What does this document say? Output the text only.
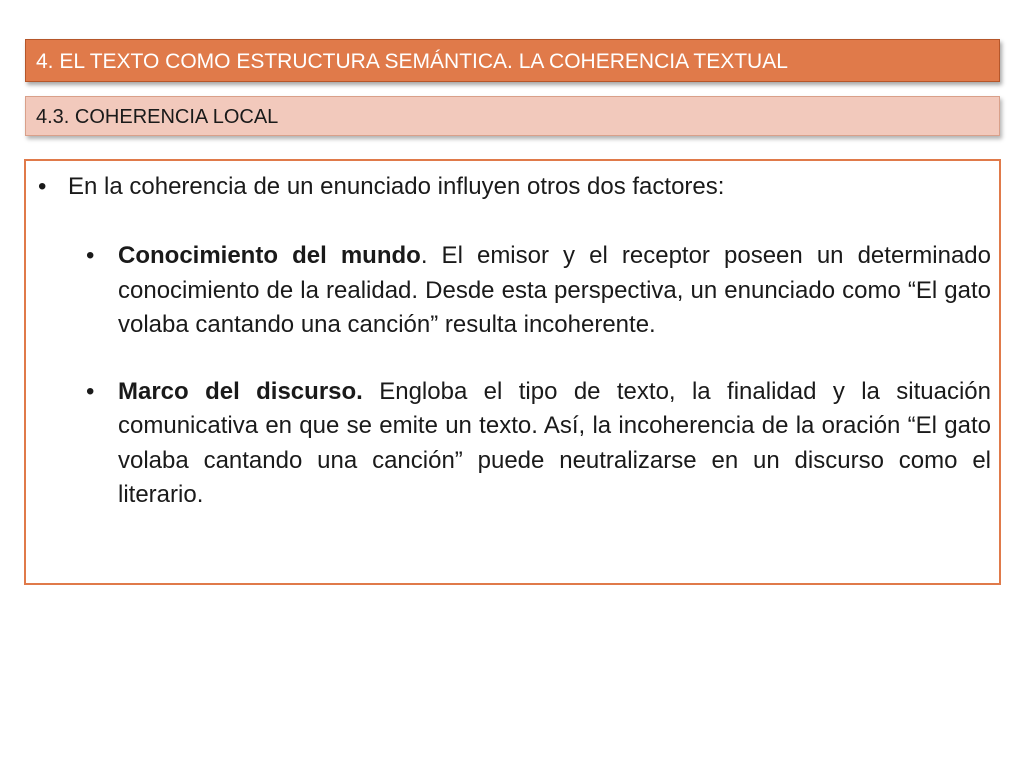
4. EL TEXTO COMO ESTRUCTURA SEMÁNTICA. LA COHERENCIA TEXTUAL
4.3. COHERENCIA LOCAL
• En la coherencia de un enunciado influyen otros dos factores:
• Conocimiento del mundo. El emisor y el receptor poseen un determinado conocimiento de la realidad. Desde esta perspectiva, un enunciado como “El gato volaba cantando una canción” resulta incoherente.
• Marco del discurso. Engloba el tipo de texto, la finalidad y la situación comunicativa en que se emite un texto. Así, la incoherencia de la oración “El gato volaba cantando una canción” puede neutralizarse en un discurso como el literario.
